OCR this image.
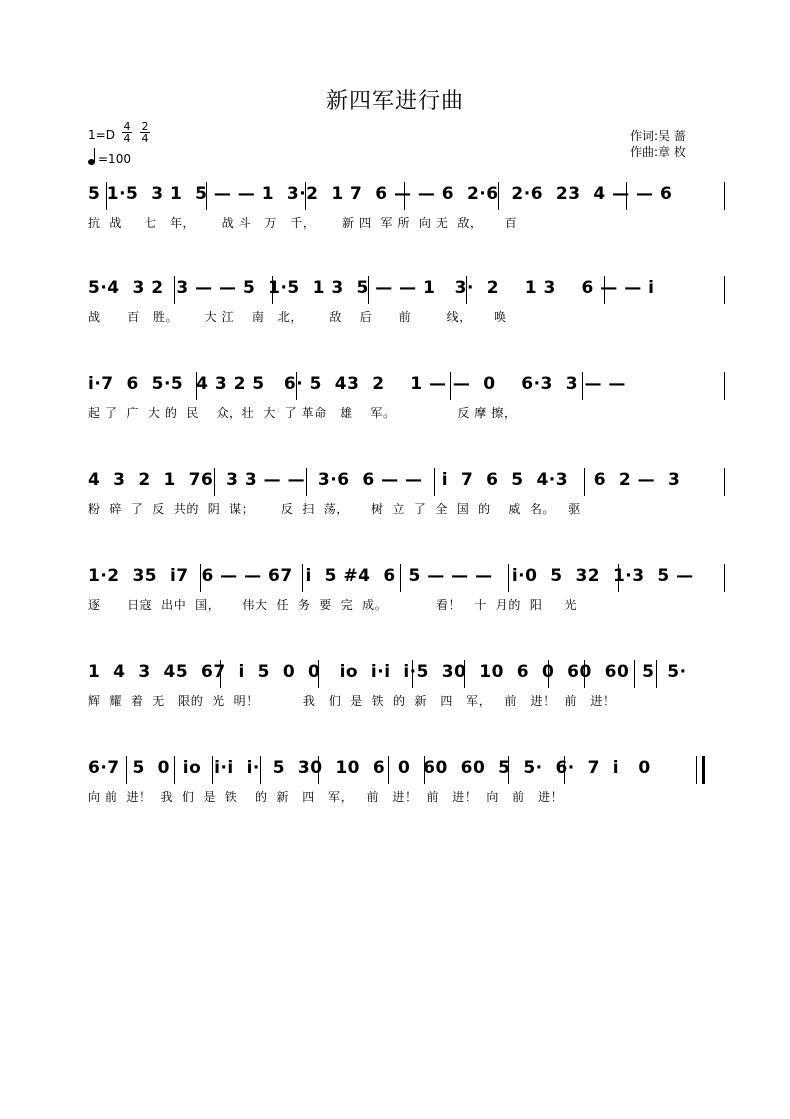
新四军进行曲
$1=D \frac{4}{4} \frac{2}{4}$
=100
作词:吴 蔷
作曲:章 枚
5 1·5  3 1  5 — — 1  3·2  1 7  6 — — 6  2·6  2·6  23  4 — — 6
抗  战     七   年，      战 斗   万   千，      新 四  军 所  向 无  敌，     百
5·4  3 2  3 — — 5  1·5  1 3  5 — — 1   3·  2    1 3    6 — — i
战      百   胜。      大 江    南   北，      敌    后      前        线，     唤
i·7  6  5·5  4 3 2 5   6· 5  43  2    1 — —  0    6·3  3 — —
起 了  广  大 的  民    众，壮  大  了 革命   雄    军。              反 摩 擦，
4  3  2  1  76  3 3 — —  3·6  6 — —   i  7  6  5  4·3    6  2 —  3
粉  碎  了  反  共的  阴  谋；      反  扫  荡，     树  立  了  全  国  的    威  名。   驱
1·2  35  i7  6 — — 67  i  5 #4  6  5 — — —   i·0  5  32  1·3  5 —
逐      日寇  出中  国，     伟大  任  务  要  完  成。           看！   十  月的  阳     光
1  4  3  45  67  i  5  0  0   io  i·i  i·5  30  10  6  0  60  60  5  5·
辉  耀  着  无   限的  光  明！          我   们  是  铁  的  新   四   军，   前   进！  前   进！
6·7  5  0  io  i·i  i·  5  30  10  6  0  60  60  5  5·  6·  7  i   0
向 前  进！  我  们  是  铁    的  新   四   军，   前   进！  前   进！  向   前   进！
